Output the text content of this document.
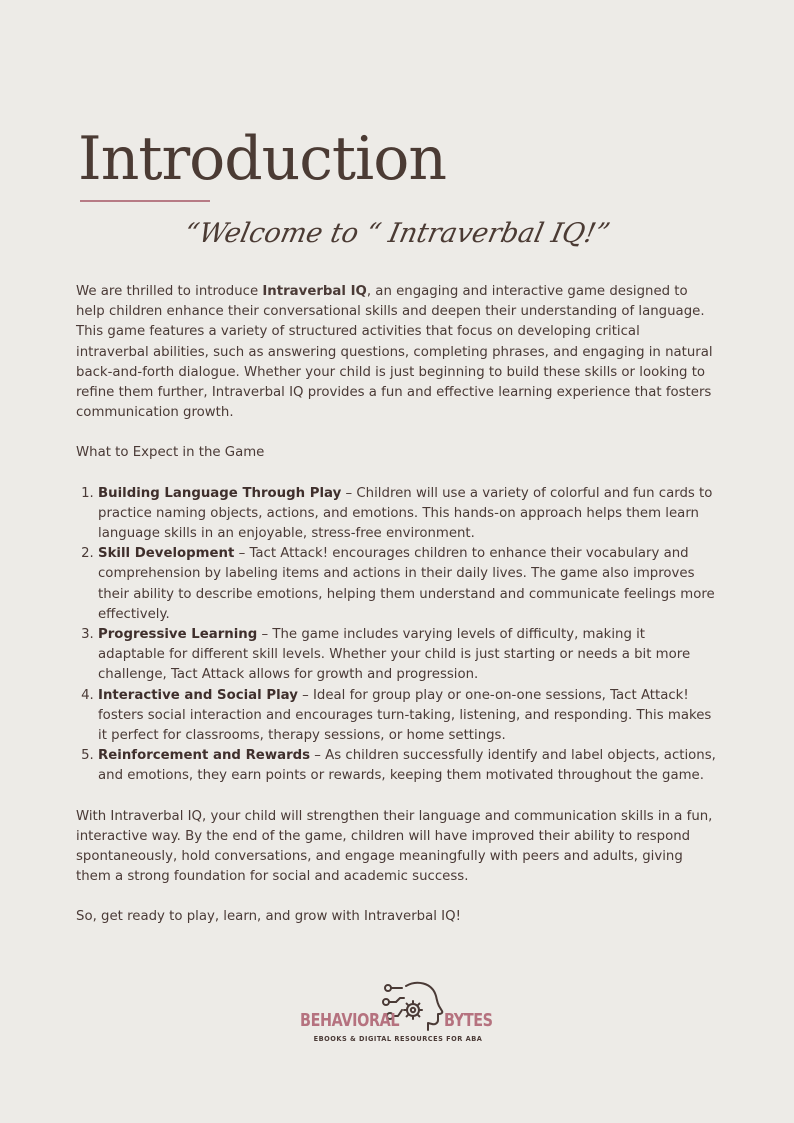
Introduction
“Welcome to “ Intraverbal IQ!”

We are thrilled to introduce Intraverbal IQ, an engaging and interactive game designed to help children enhance their conversational skills and deepen their understanding of language. This game features a variety of structured activities that focus on developing critical intraverbal abilities, such as answering questions, completing phrases, and engaging in natural back-and-forth dialogue. Whether your child is just beginning to build these skills or looking to refine them further, Intraverbal IQ provides a fun and effective learning experience that fosters communication growth.

What to Expect in the Game

1. Building Language Through Play – Children will use a variety of colorful and fun cards to practice naming objects, actions, and emotions. This hands-on approach helps them learn language skills in an enjoyable, stress-free environment.
2. Skill Development – Tact Attack! encourages children to enhance their vocabulary and comprehension by labeling items and actions in their daily lives. The game also improves their ability to describe emotions, helping them understand and communicate feelings more effectively.
3. Progressive Learning – The game includes varying levels of difficulty, making it adaptable for different skill levels. Whether your child is just starting or needs a bit more challenge, Tact Attack allows for growth and progression.
4. Interactive and Social Play – Ideal for group play or one-on-one sessions, Tact Attack! fosters social interaction and encourages turn-taking, listening, and responding. This makes it perfect for classrooms, therapy sessions, or home settings.
5. Reinforcement and Rewards – As children successfully identify and label objects, actions, and emotions, they earn points or rewards, keeping them motivated throughout the game.

With Intraverbal IQ, your child will strengthen their language and communication skills in a fun, interactive way. By the end of the game, children will have improved their ability to respond spontaneously, hold conversations, and engage meaningfully with peers and adults, giving them a strong foundation for social and academic success.

So, get ready to play, learn, and grow with Intraverbal IQ!

BEHAVIORAL BYTES
EBOOKS & DIGITAL RESOURCES FOR ABA
